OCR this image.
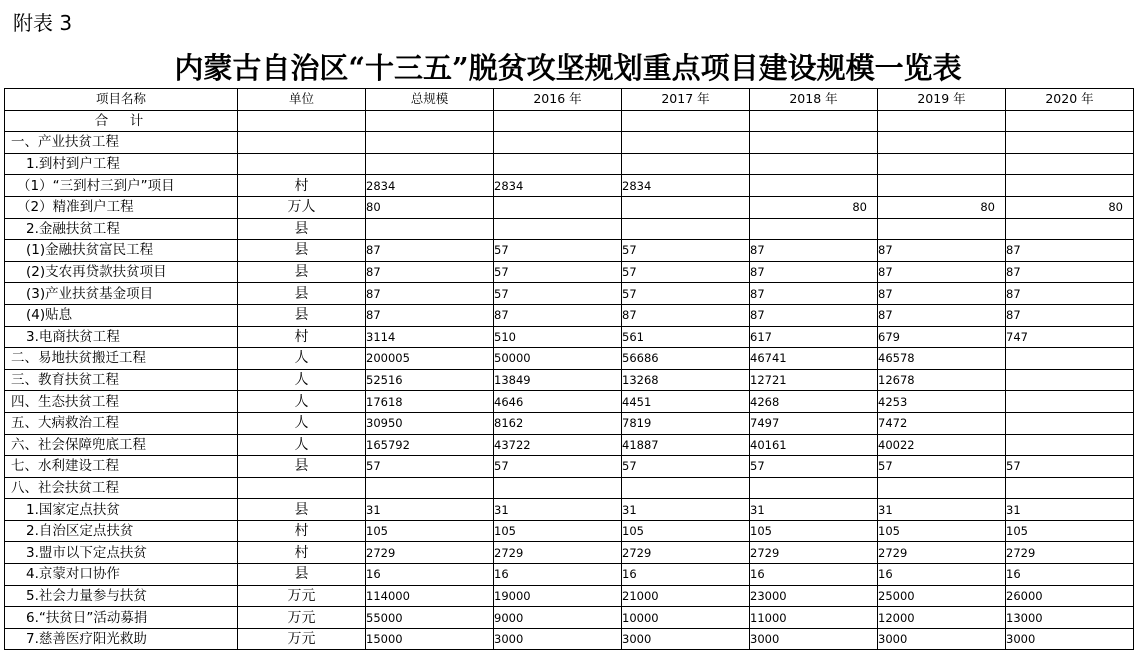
附表 3
内蒙古自治区“十三五”脱贫攻坚规划重点项目建设规模一览表
项目名称	单位	总规模	2016 年	2017 年	2018 年	2019 年	2020 年
合　计							
一、产业扶贫工程							
1.到村到户工程							
（1）“三到村三到户”项目	村	2834	2834	2834			
（2）精准到户工程	万人	80			80	80	80
2.金融扶贫工程	县						
(1)金融扶贫富民工程	县	87	57	57	87	87	87
(2)支农再贷款扶贫项目	县	87	57	57	87	87	87
(3)产业扶贫基金项目	县	87	57	57	87	87	87
(4)贴息	县	87	87	87	87	87	87
3.电商扶贫工程	村	3114	510	561	617	679	747
二、易地扶贫搬迁工程	人	200005	50000	56686	46741	46578	
三、教育扶贫工程	人	52516	13849	13268	12721	12678	
四、生态扶贫工程	人	17618	4646	4451	4268	4253	
五、大病救治工程	人	30950	8162	7819	7497	7472	
六、社会保障兜底工程	人	165792	43722	41887	40161	40022	
七、水利建设工程	县	57	57	57	57	57	57
八、社会扶贫工程							
1.国家定点扶贫	县	31	31	31	31	31	31
2.自治区定点扶贫	村	105	105	105	105	105	105
3.盟市以下定点扶贫	村	2729	2729	2729	2729	2729	2729
4.京蒙对口协作	县	16	16	16	16	16	16
5.社会力量参与扶贫	万元	114000	19000	21000	23000	25000	26000
6.“扶贫日”活动募捐	万元	55000	9000	10000	11000	12000	13000
7.慈善医疗阳光救助	万元	15000	3000	3000	3000	3000	3000
